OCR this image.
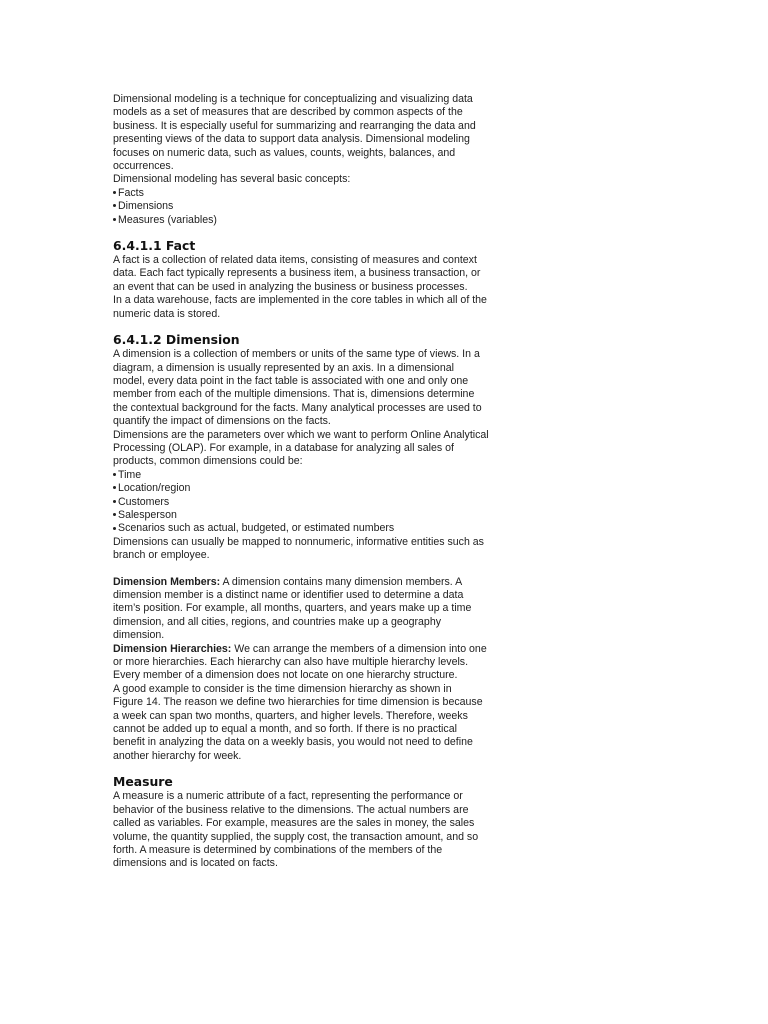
Dimensional modeling is a technique for conceptualizing and visualizing data
models as a set of measures that are described by common aspects of the
business. It is especially useful for summarizing and rearranging the data and
presenting views of the data to support data analysis. Dimensional modeling
focuses on numeric data, such as values, counts, weights, balances, and
occurrences.
Dimensional modeling has several basic concepts:
Facts
Dimensions
Measures (variables)
6.4.1.1 Fact
A fact is a collection of related data items, consisting of measures and context
data. Each fact typically represents a business item, a business transaction, or
an event that can be used in analyzing the business or business processes.
In a data warehouse, facts are implemented in the core tables in which all of the
numeric data is stored.
6.4.1.2 Dimension
A dimension is a collection of members or units of the same type of views. In a
diagram, a dimension is usually represented by an axis. In a dimensional
model, every data point in the fact table is associated with one and only one
member from each of the multiple dimensions. That is, dimensions determine
the contextual background for the facts. Many analytical processes are used to
quantify the impact of dimensions on the facts.
Dimensions are the parameters over which we want to perform Online Analytical
Processing (OLAP). For example, in a database for analyzing all sales of
products, common dimensions could be:
Time
Location/region
Customers
Salesperson
Scenarios such as actual, budgeted, or estimated numbers
Dimensions can usually be mapped to nonnumeric, informative entities such as
branch or employee.
Dimension Members: A dimension contains many dimension members. A
dimension member is a distinct name or identifier used to determine a data
item’s position. For example, all months, quarters, and years make up a time
dimension, and all cities, regions, and countries make up a geography
dimension.
Dimension Hierarchies: We can arrange the members of a dimension into one
or more hierarchies. Each hierarchy can also have multiple hierarchy levels.
Every member of a dimension does not locate on one hierarchy structure.
A good example to consider is the time dimension hierarchy as shown in
Figure 14. The reason we define two hierarchies for time dimension is because
a week can span two months, quarters, and higher levels. Therefore, weeks
cannot be added up to equal a month, and so forth. If there is no practical
benefit in analyzing the data on a weekly basis, you would not need to define
another hierarchy for week.
Measure
A measure is a numeric attribute of a fact, representing the performance or
behavior of the business relative to the dimensions. The actual numbers are
called as variables. For example, measures are the sales in money, the sales
volume, the quantity supplied, the supply cost, the transaction amount, and so
forth. A measure is determined by combinations of the members of the
dimensions and is located on facts.
